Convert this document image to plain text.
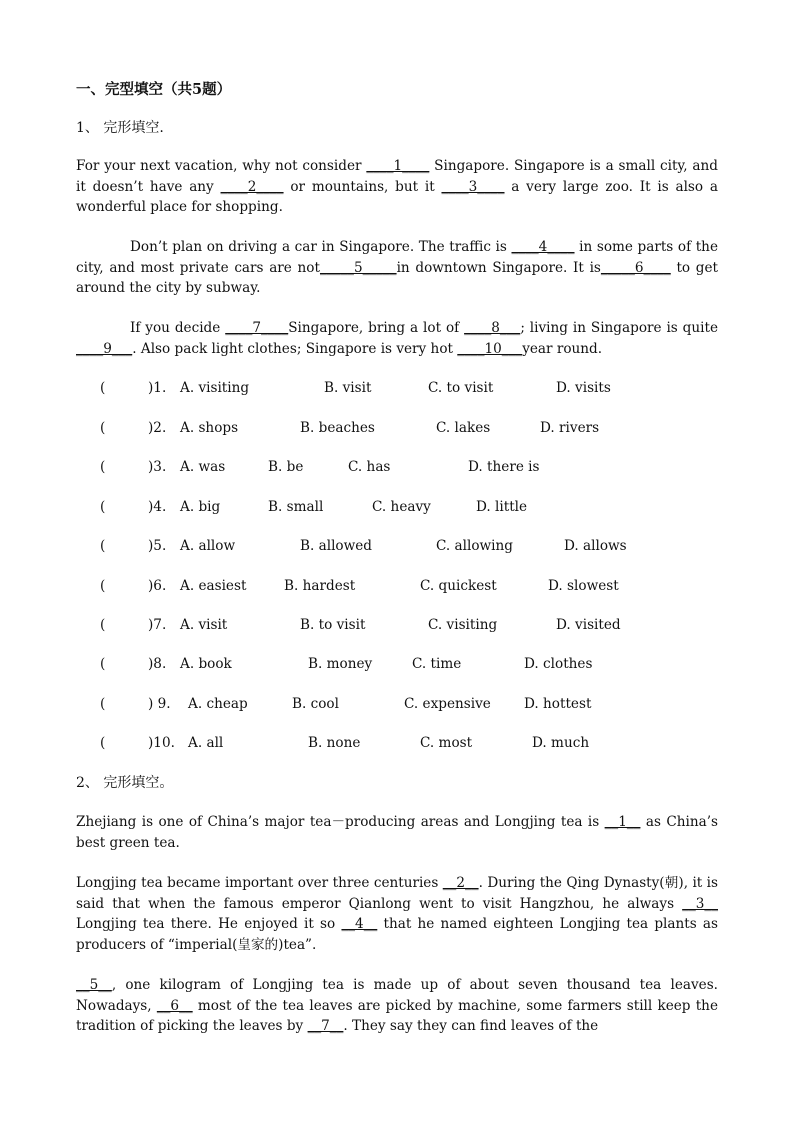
一、完型填空（共5题）
1、 完形填空.

For your next vacation, why not consider ____1____ Singapore. Singapore is a small city, and it doesn’t have any ____2____ or mountains, but it ____3____ a very large zoo. It is also a wonderful place for shopping.

Don’t plan on driving a car in Singapore. The traffic is ____4____ in some parts of the city, and most private cars are not_____5_____in downtown Singapore. It is_____6____ to get around the city by subway.

If you decide ____7____Singapore, bring a lot of ____8___; living in Singapore is quite ____9___. Also pack light clothes; Singapore is very hot ____10___year round.

(	)1. A. visiting	B. visit	C. to visit	D. visits
(	)2. A. shops	B. beaches	C. lakes	D. rivers
(	)3. A. was	B. be	C. has	D. there is
(	)4. A. big	B. small	C. heavy	D. little
(	)5. A. allow	B. allowed	C. allowing	D. allows
(	)6. A. easiest	B. hardest	C. quickest	D. slowest
(	)7. A. visit	B. to visit	C. visiting	D. visited
(	)8. A. book	B. money	C. time	D. clothes
(	) 9. A. cheap	B. cool	C. expensive D. hottest
(	)10. A. all	B. none	C. most	D. much
2、 完形填空。

Zhejiang is one of China’s major tea－producing areas and Longjing tea is __1__ as China’s best green tea.

Longjing tea became important over three centuries __2__. During the Qing Dynasty(朝), it is said that when the famous emperor Qianlong went to visit Hangzhou, he always __3__ Longjing tea there. He enjoyed it so __4__ that he named eighteen Longjing tea plants as producers of “imperial(皇家的)tea”.

__5__, one kilogram of Longjing tea is made up of about seven thousand tea leaves. Nowadays, __6__ most of the tea leaves are picked by machine, some farmers still keep the tradition of picking the leaves by __7__. They say they can find leaves of the
